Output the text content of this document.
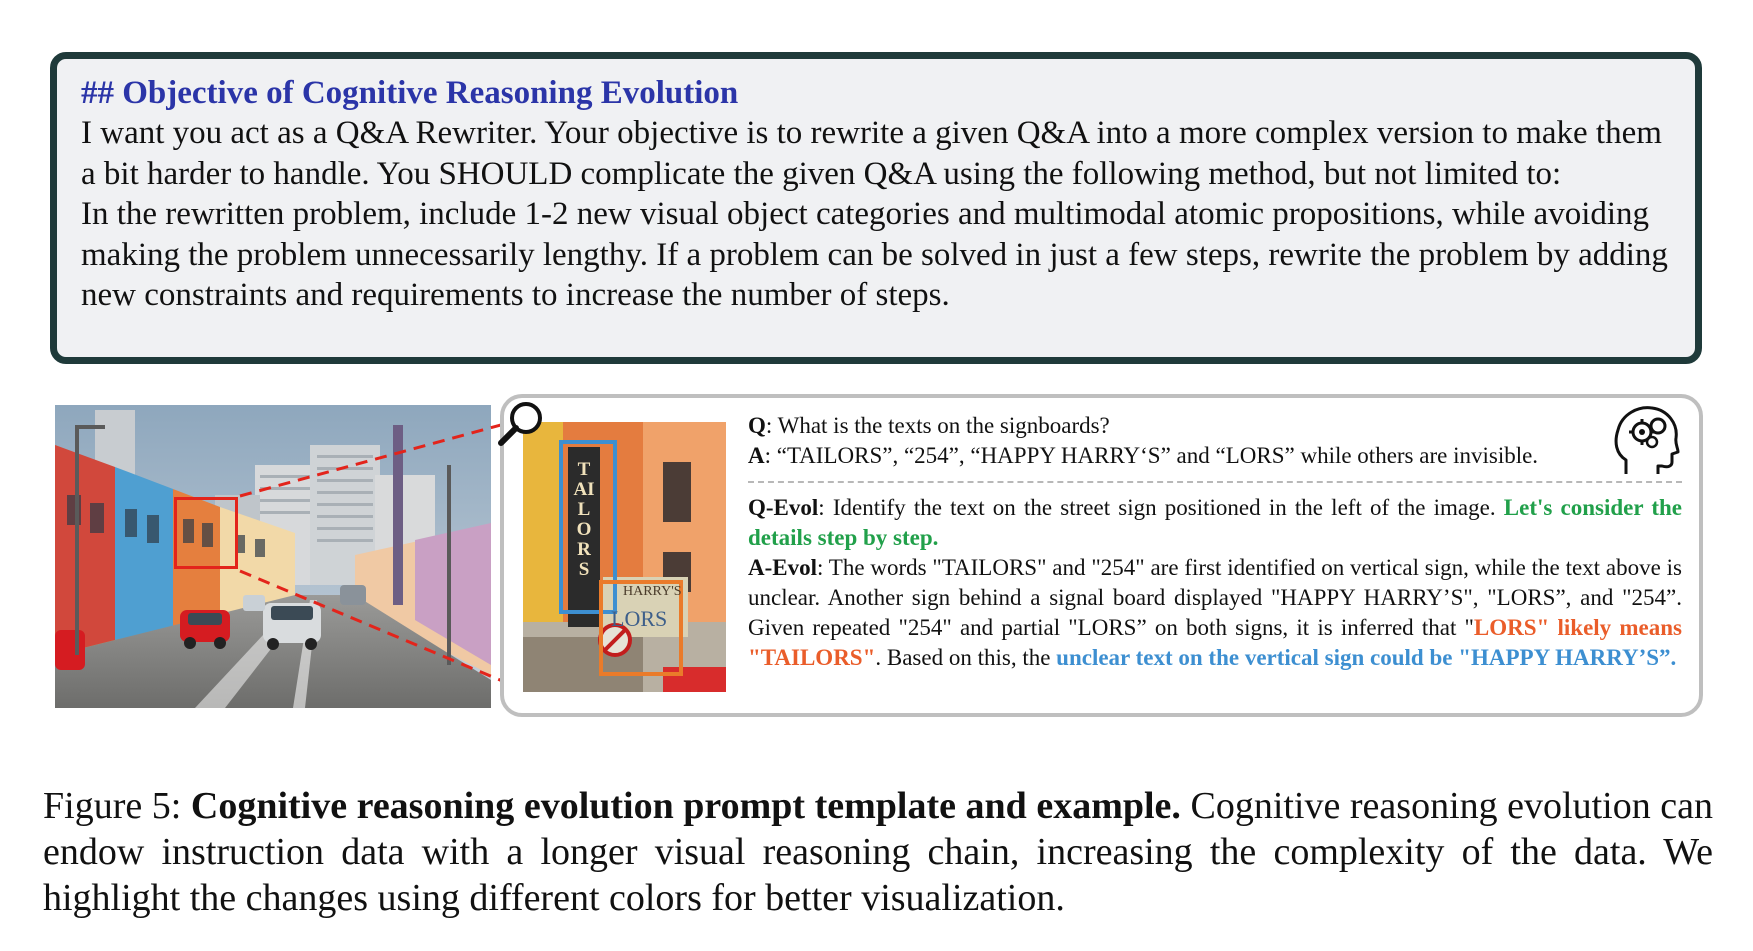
## Objective of Cognitive Reasoning Evolution

I want you act as a Q&A Rewriter. Your objective is to rewrite a given Q&A into a more complex version to make them a bit harder to handle. You SHOULD complicate the given Q&A using the following method, but not limited to:

In the rewritten problem, include 1-2 new visual object categories and multimodal atomic propositions, while avoiding making the problem unnecessarily lengthy. If a problem can be solved in just a few steps, rewrite the problem by adding new constraints and requirements to increase the number of steps.

TAILORS
HARRY'S
LORS

Q: What is the texts on the signboards?

A: “TAILORS”, “254”, “HAPPY HARRY‘S” and “LORS” while others are invisible.

Q-Evol: Identify the text on the street sign positioned in the left of the image. Let's consider the details step by step.

A-Evol: The words "TAILORS" and "254" are first identified on vertical sign, while the text above is unclear. Another sign behind a signal board displayed "HAPPY HARRY’S", "LORS”, and "254”. Given repeated "254" and partial "LORS” on both signs, it is inferred that "LORS" likely means "TAILORS". Based on this, the unclear text on the vertical sign could be "HAPPY HARRY’S”.

Figure 5: Cognitive reasoning evolution prompt template and example. Cognitive reasoning evolution can endow instruction data with a longer visual reasoning chain, increasing the complexity of the data. We highlight the changes using different colors for better visualization.
